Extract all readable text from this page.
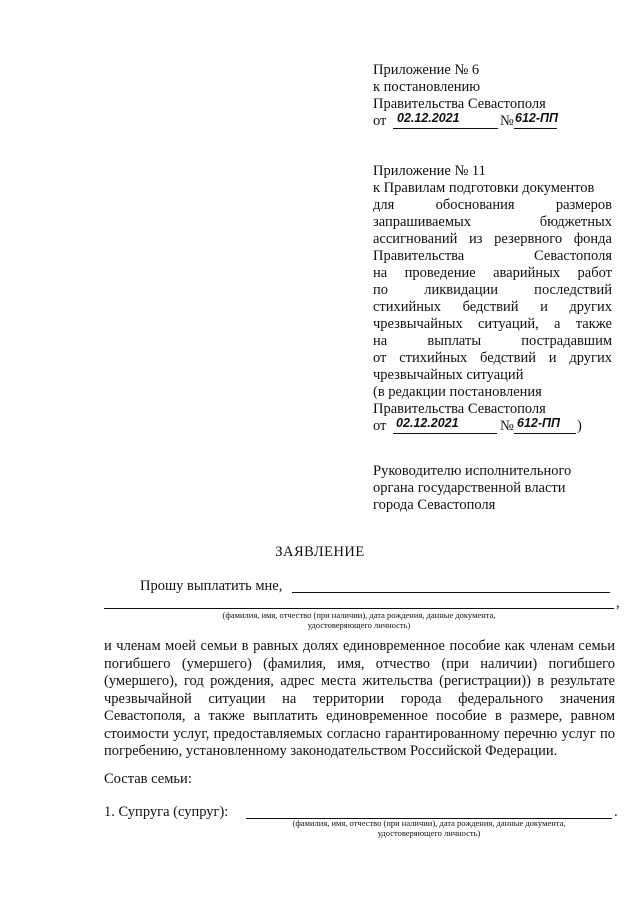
Приложение № 6
к постановлению
Правительства Севастополя
от 02.12.2021	№ 612-ПП
Приложение № 11
к Правилам подготовки документов
для обоснования размеров
запрашиваемых бюджетных
ассигнований из резервного фонда
Правительства Севастополя
на проведение аварийных работ
по ликвидации последствий
стихийных бедствий и других
чрезвычайных ситуаций, а также
на выплаты пострадавшим
от стихийных бедствий и других
чрезвычайных ситуаций
(в редакции постановления
Правительства Севастополя
от 02.12.2021	№ 612-ПП )
Руководителю исполнительного
органа государственной власти
города Севастополя
ЗАЯВЛЕНИЕ
Прошу выплатить мне,
,
(фамилия, имя, отчество (при наличии), дата рождения, данные документа,
удостоверяющего личность)
и членам моей семьи в равных долях единовременное пособие как членам семьи погибшего (умершего) (фамилия, имя, отчество (при наличии) погибшего (умершего), год рождения, адрес места жительства (регистрации)) в результате чрезвычайной ситуации на территории города федерального значения Севастополя, а также выплатить единовременное пособие в размере, равном стоимости услуг, предоставляемых согласно гарантированному перечню услуг по погребению, установленному законодательством Российской Федерации.
Состав семьи:
1. Супруга (супруг):	.
(фамилия, имя, отчество (при наличии), дата рождения, данные документа,
удостоверяющего личность)
